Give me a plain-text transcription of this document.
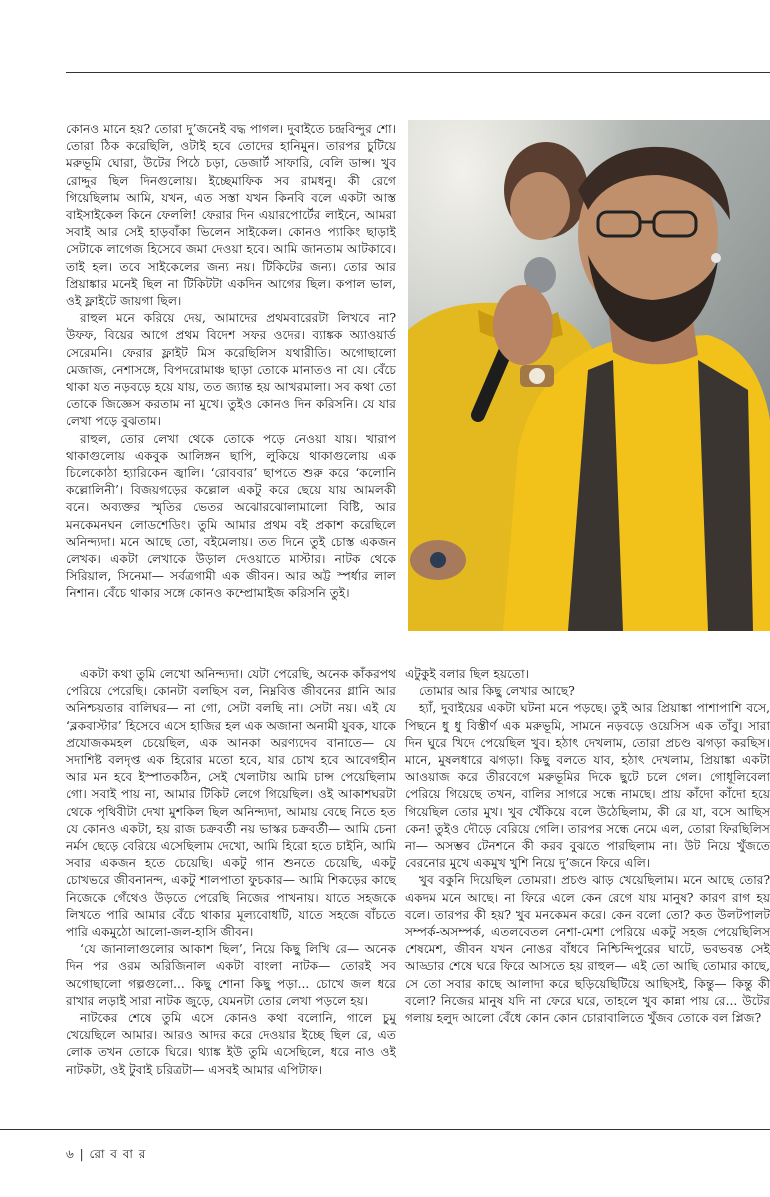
কোনও মানে হয়? তোরা দু’জনেই বদ্ধ পাগল। দুবাইতে চন্দ্রবিন্দুর শো। তোরা ঠিক করেছিলি, ওটাই হবে তোদের হানিমুন। তারপর চুটিয়ে মরুভূমি ঘোরা, উটের পিঠে চড়া, ডেজার্ট সাফারি, বেলি ডান্স। খুব রোদ্দুর ছিল দিনগুলোয়। ইচ্ছেমাফিক সব রামধনু। কী রেগে গিয়েছিলাম আমি, যখন, এত সস্তা যখন কিনবি বলে একটা আস্ত বাইসাইকেল কিনে ফেললি! ফেরার দিন এয়ারপোর্টের লাইনে, আমরা সবাই আর সেই হাড়বাঁকা ভিলেন সাইকেল। কোনও প্যাকিং ছাড়াই সেটাকে লাগেজ হিসেবে জমা দেওয়া হবে। আমি জানতাম আটকাবে। তাই হল। তবে সাইকেলের জন্য নয়। টিকিটের জন্য। তোর আর প্রিয়াঙ্কার মনেই ছিল না টিকিটটা একদিন আগের ছিল। কপাল ভাল, ওই ফ্লাইটে জায়গা ছিল।

রাহুল মনে করিয়ে দেয়, আমাদের প্রথমবারেরটা লিখবে না? উফফ, বিয়ের আগে প্রথম বিদেশ সফর ওদের। ব্যাঙ্কক অ্যাওয়ার্ড সেরেমনি। ফেরার ফ্লাইট মিস করেছিলিস যথারীতি। অগোছালো মেজাজ, নেশাসঙ্গে, বিপদরোমাঞ্চ ছাড়া তোকে মানাতও না যে। বেঁচে থাকা যত নড়বড়ে হয়ে যায়, তত জ্যান্ত হয় আখরমালা। সব কথা তো তোকে জিজ্ঞেস করতাম না মুখে। তুইও কোনও দিন করিসনি। যে যার লেখা পড়ে বুঝতাম।

রাহুল, তোর লেখা থেকে তোকে পড়ে নেওয়া যায়। খারাপ থাকাগুলোয় একবুক আলিঙ্গন ছাপি, লুকিয়ে থাকাগুলোয় এক চিলেকোঠা হ্যারিকেন জ্বালি। ‘রোববার’ ছাপতে শুরু করে ‘কলোনি কল্লোলিনী’। বিজয়গড়ের কল্লোল একটু করে ছেয়ে যায় আমলকী বনে। অব্যক্তর স্মৃতির ভেতর অঝোরঝোলামালো বিষ্টি, আর মনকেমনঘন লোডশেডিং। তুমি আমার প্রথম বই প্রকাশ করেছিলে অনিন্দ্যদা। মনে আছে তো, বইমেলায়। তত দিনে তুই চোস্ত একজন লেখক। একটা লেখাকে উড়াল দেওয়াতে মাস্টার। নাটক থেকে সিরিয়াল, সিনেমা— সর্বত্রগামী এক জীবন। আর অট্ট স্পর্ধার লাল নিশান। বেঁচে থাকার সঙ্গে কোনও কম্প্রোমাইজ করিসনি তুই।

একটা কথা তুমি লেখো অনিন্দ্যদা। যেটা পেরেছি, অনেক কাঁকরপথ পেরিয়ে পেরেছি। কোনটা বলছিস বল, নিম্নবিত্ত জীবনের গ্লানি আর অনিশ্চয়তার বালিঘর— না গো, সেটা বলছি না। সেটা নয়। এই যে ‘ব্লকবাস্টার’ হিসেবে এসে হাজির হল এক অজানা অনামী যুবক, যাকে প্রযোজকমহল চেয়েছিল, এক আনকা অরণ্যদেব বানাতে— যে সদাশিষ্ট বলদৃপ্ত এক হিরোর মতো হবে, যার চোখ হবে আবেগহীন আর মন হবে ইস্পাতকঠিন, সেই খেলাটায় আমি চান্স পেয়েছিলাম গো। সবাই পায় না, আমার টিকিট লেগে গিয়েছিল। ওই আকাশঘরটা থেকে পৃথিবীটা দেখা মুশকিল ছিল অনিন্দ্যদা, আমায় বেছে নিতে হত যে কোনও একটা, হয় রাজ চক্রবর্তী নয় ভাস্কর চক্রবর্তী— আমি চেনা নর্মস ছেড়ে বেরিয়ে এসেছিলাম দেখো, আমি হিরো হতে চাইনি, আমি সবার একজন হতে চেয়েছি। একটু গান শুনতে চেয়েছি, একটু চোখভরে জীবনানন্দ, একটু শালপাতা ফুচকার— আমি শিকড়ের কাছে নিজেকে গেঁথেও উড়তে পেরেছি নিজের পাখনায়। যাতে সহজকে লিখতে পারি আমার বেঁচে থাকার মূল্যবোধটি, যাতে সহজে বাঁচতে পারি একমুঠো আলো-জল-হাসি জীবন।

‘যে জানালাগুলোর আকাশ ছিল’, নিয়ে কিছু লিখি রে— অনেক দিন পর ওরম অরিজিনাল একটা বাংলা নাটক— তোরই সব অগোছালো গল্পগুলো... কিছু শোনা কিছু পড়া... চোখে জল ধরে রাখার লড়াই সারা নাটক জুড়ে, যেমনটা তোর লেখা পড়লে হয়।

নাটকের শেষে তুমি এসে কোনও কথা বলোনি, গালে চুমু খেয়েছিলে আমার। আরও আদর করে দেওয়ার ইচ্ছে ছিল রে, এত লোক তখন তোকে ঘিরে। থ্যাঙ্ক ইউ তুমি এসেছিলে, ধরে নাও ওই নাটকটা, ওই টুবাই চরিত্রটা— এসবই আমার এপিটাফ।

এটুকুই বলার ছিল হয়তো।

তোমার আর কিছু লেখার আছে?

হ্যাঁ, দুবাইয়ের একটা ঘটনা মনে পড়ছে। তুই আর প্রিয়াঙ্কা পাশাপাশি বসে, পিছনে ধু ধু বিস্তীর্ণ এক মরুভূমি, সামনে নড়বড়ে ওয়েসিস এক তাঁবু। সারা দিন ঘুরে খিদে পেয়েছিল খুব। হঠাৎ দেখলাম, তোরা প্রচণ্ড ঝগড়া করছিস। মানে, মুষলধারে ঝগড়া। কিছু বলতে যাব, হঠাৎ দেখলাম, প্রিয়াঙ্কা একটা আওয়াজ করে তীরবেগে মরুভূমির দিকে ছুটে চলে গেল। গোধূলিবেলা পেরিয়ে গিয়েছে তখন, বালির সাগরে সন্ধে নামছে। প্রায় কাঁদো কাঁদো হয়ে গিয়েছিল তোর মুখ। খুব খেঁকিয়ে বলে উঠেছিলাম, কী রে যা, বসে আছিস কেন! তুইও দৌড়ে বেরিয়ে গেলি। তারপর সন্ধে নেমে এল, তোরা ফিরছিলিস না— অসম্ভব টেনশনে কী করব বুঝতে পারছিলাম না। উট নিয়ে খুঁজতে বেরনোর মুখে একমুখ খুশি নিয়ে দু’জনে ফিরে এলি।

খুব বকুনি দিয়েছিল তোমরা। প্রচণ্ড ঝাড় খেয়েছিলাম। মনে আছে তোর? একদম মনে আছে। না ফিরে এলে কেন রেগে যায় মানুষ? কারণ রাগ হয় বলে। তারপর কী হয়? খুব মনকেমন করে। কেন বলো তো? কত উলটপালট সম্পর্ক-অসম্পর্ক, এতলবেতল নেশা-মেশা পেরিয়ে একটু সহজ পেয়েছিলিস শেষমেশ, জীবন যখন নোঙর বাঁধবে নিশ্চিন্দিপুরের ঘাটে, ভবভবন্ত সেই আড্ডার শেষে ঘরে ফিরে আসতে হয় রাহুল— এই তো আছি তোমার কাছে, সে তো সবার কাছে আলাদা করে ছড়িয়েছিটিয়ে আছিসই, কিন্তু— কিন্তু কী বলো? নিজের মানুষ যদি না ফেরে ঘরে, তাহলে খুব কান্না পায় রে... উটের গলায় হলুদ আলো বেঁধে কোন কোন চোরাবালিতে খুঁজব তোকে বল প্লিজ?

৬ | রো ব বা র
